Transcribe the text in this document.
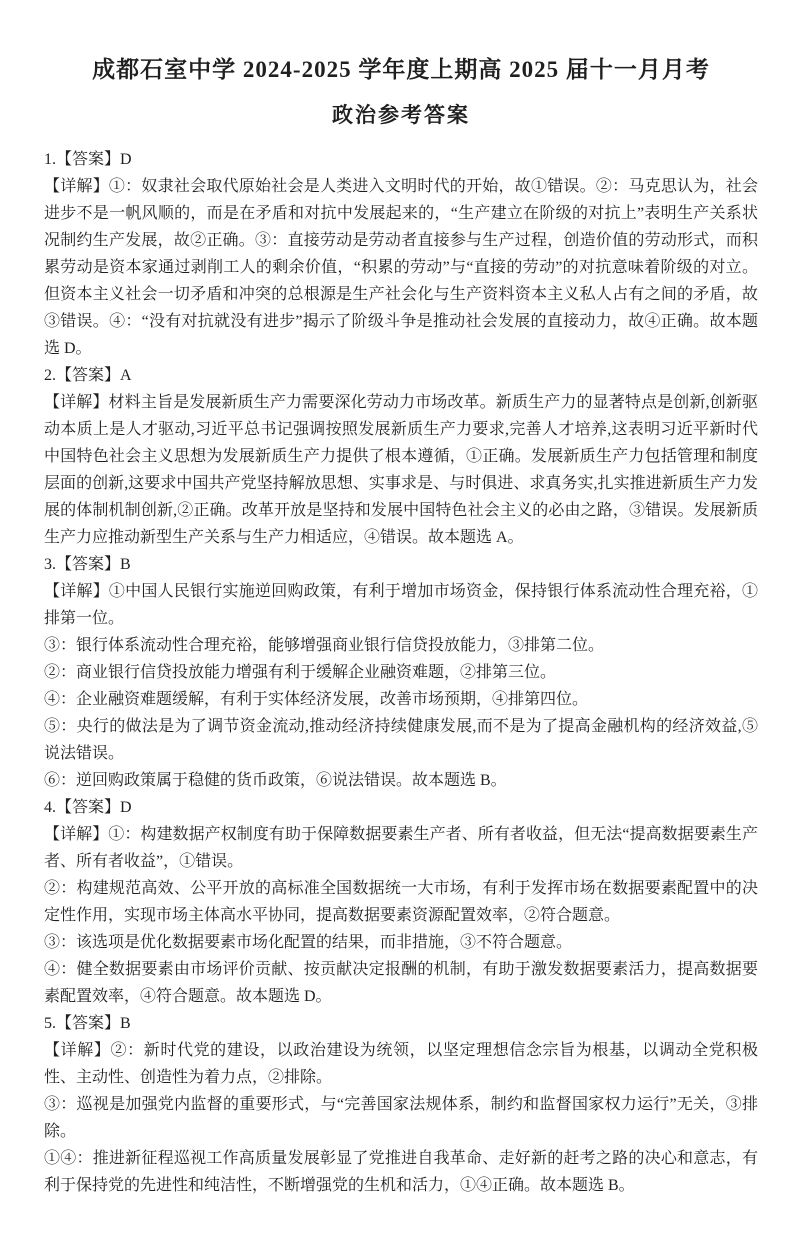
成都石室中学 2024-2025 学年度上期高 2025 届十一月月考
政治参考答案

1.【答案】D

【详解】①：奴隶社会取代原始社会是人类进入文明时代的开始，故①错误。②：马克思认为，社会进步不是一帆风顺的，而是在矛盾和对抗中发展起来的，“生产建立在阶级的对抗上”表明生产关系状况制约生产发展，故②正确。③：直接劳动是劳动者直接参与生产过程，创造价值的劳动形式，而积累劳动是资本家通过剥削工人的剩余价值，“积累的劳动”与“直接的劳动”的对抗意味着阶级的对立。但资本主义社会一切矛盾和冲突的总根源是生产社会化与生产资料资本主义私人占有之间的矛盾，故③错误。④：“没有对抗就没有进步”揭示了阶级斗争是推动社会发展的直接动力，故④正确。故本题选 D。

2.【答案】A

【详解】材料主旨是发展新质生产力需要深化劳动力市场改革。新质生产力的显著特点是创新,创新驱动本质上是人才驱动,习近平总书记强调按照发展新质生产力要求,完善人才培养,这表明习近平新时代中国特色社会主义思想为发展新质生产力提供了根本遵循，①正确。发展新质生产力包括管理和制度层面的创新,这要求中国共产党坚持解放思想、实事求是、与时俱进、求真务实,扎实推进新质生产力发展的体制机制创新,②正确。改革开放是坚持和发展中国特色社会主义的必由之路，③错误。发展新质生产力应推动新型生产关系与生产力相适应，④错误。故本题选 A。

3.【答案】B

【详解】①中国人民银行实施逆回购政策，有利于增加市场资金，保持银行体系流动性合理充裕，①排第一位。

③：银行体系流动性合理充裕，能够增强商业银行信贷投放能力，③排第二位。

②：商业银行信贷投放能力增强有利于缓解企业融资难题，②排第三位。

④：企业融资难题缓解，有利于实体经济发展，改善市场预期，④排第四位。

⑤：央行的做法是为了调节资金流动,推动经济持续健康发展,而不是为了提高金融机构的经济效益,⑤说法错误。

⑥：逆回购政策属于稳健的货币政策，⑥说法错误。故本题选 B。

4.【答案】D

【详解】①：构建数据产权制度有助于保障数据要素生产者、所有者收益，但无法“提高数据要素生产者、所有者收益”，①错误。

②：构建规范高效、公平开放的高标准全国数据统一大市场，有利于发挥市场在数据要素配置中的决定性作用，实现市场主体高水平协同，提高数据要素资源配置效率，②符合题意。

③：该选项是优化数据要素市场化配置的结果，而非措施，③不符合题意。

④：健全数据要素由市场评价贡献、按贡献决定报酬的机制，有助于激发数据要素活力，提高数据要素配置效率，④符合题意。故本题选 D。

5.【答案】B

【详解】②：新时代党的建设，以政治建设为统领，以坚定理想信念宗旨为根基，以调动全党积极性、主动性、创造性为着力点，②排除。

③：巡视是加强党内监督的重要形式，与“完善国家法规体系，制约和监督国家权力运行”无关，③排除。

①④：推进新征程巡视工作高质量发展彰显了党推进自我革命、走好新的赶考之路的决心和意志，有利于保持党的先进性和纯洁性，不断增强党的生机和活力，①④正确。故本题选 B。
